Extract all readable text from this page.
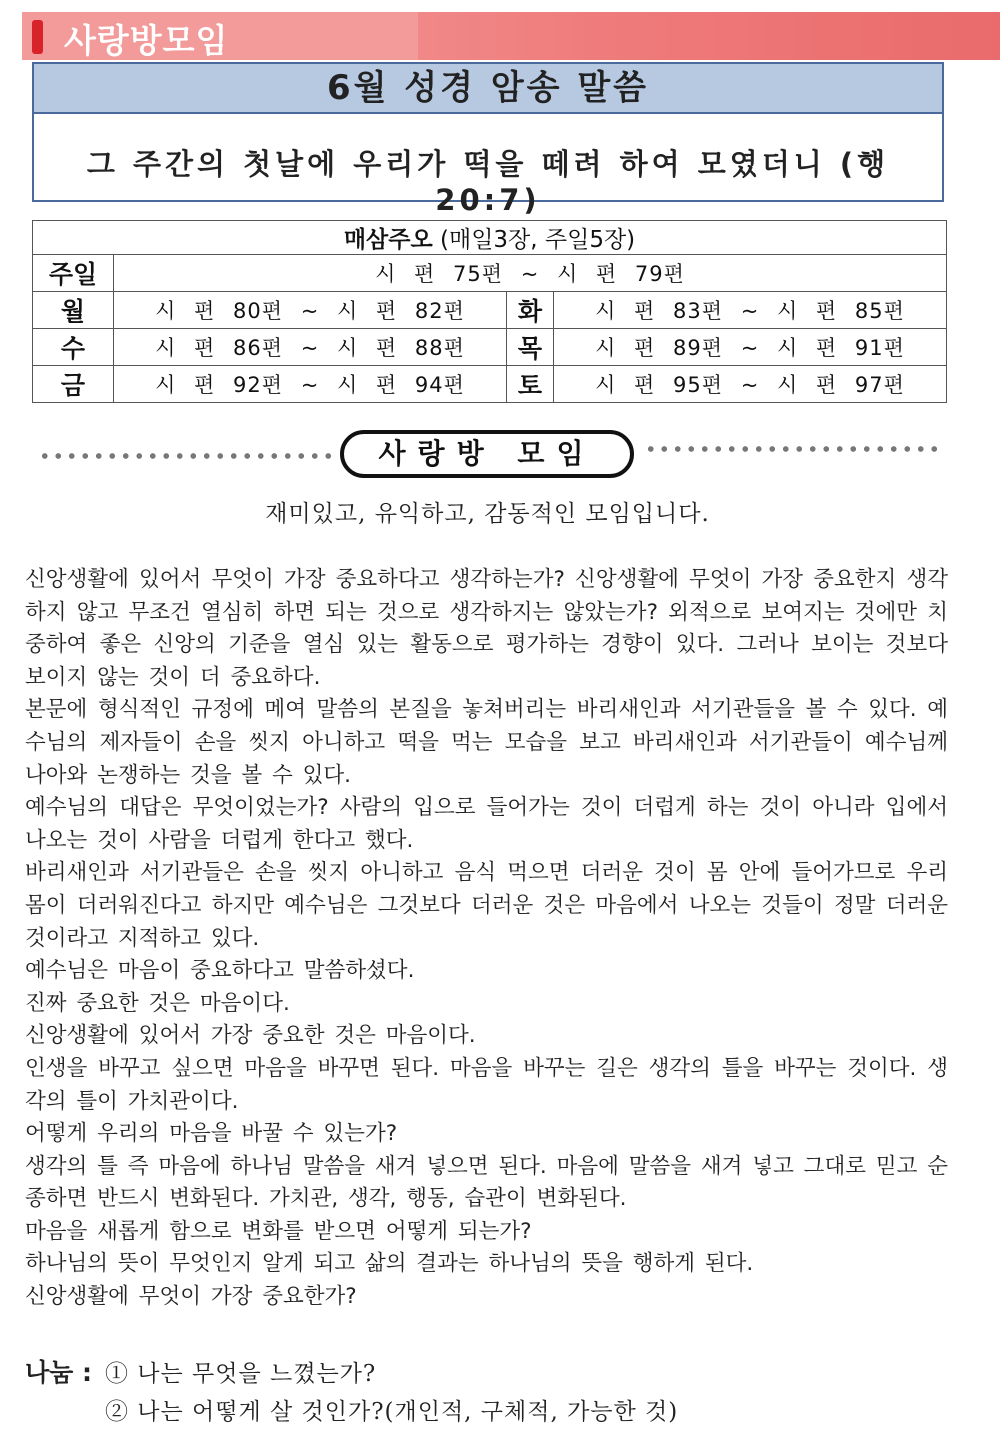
사랑방모임
6월 성경 암송 말씀
그 주간의 첫날에 우리가 떡을 떼려 하여 모였더니 (행 20:7)
매삼주오 (매일3장, 주일5장)			
주일	시 편 75편 ~ 시 편 79편		
월	시 편 80편 ~ 시 편 82편	화	시 편 83편 ~ 시 편 85편
수	시 편 86편 ~ 시 편 88편	목	시 편 89편 ~ 시 편 91편
금	시 편 92편 ~ 시 편 94편	토	시 편 95편 ~ 시 편 97편
사랑방 모임
재미있고, 유익하고, 감동적인 모임입니다.

신앙생활에 있어서 무엇이 가장 중요하다고 생각하는가? 신앙생활에 무엇이 가장 중요한지 생각하지 않고 무조건 열심히 하면 되는 것으로 생각하지는 않았는가? 외적으로 보여지는 것에만 치중하여 좋은 신앙의 기준을 열심 있는 활동으로 평가하는 경향이 있다. 그러나 보이는 것보다 보이지 않는 것이 더 중요하다.

본문에 형식적인 규정에 메여 말씀의 본질을 놓쳐버리는 바리새인과 서기관들을 볼 수 있다. 예수님의 제자들이 손을 씻지 아니하고 떡을 먹는 모습을 보고 바리새인과 서기관들이 예수님께 나아와 논쟁하는 것을 볼 수 있다.

예수님의 대답은 무엇이었는가? 사람의 입으로 들어가는 것이 더럽게 하는 것이 아니라 입에서 나오는 것이 사람을 더럽게 한다고 했다.

바리새인과 서기관들은 손을 씻지 아니하고 음식 먹으면 더러운 것이 몸 안에 들어가므로 우리 몸이 더러워진다고 하지만 예수님은 그것보다 더러운 것은 마음에서 나오는 것들이 정말 더러운 것이라고 지적하고 있다.

예수님은 마음이 중요하다고 말씀하셨다.

진짜 중요한 것은 마음이다.

신앙생활에 있어서 가장 중요한 것은 마음이다.

인생을 바꾸고 싶으면 마음을 바꾸면 된다. 마음을 바꾸는 길은 생각의 틀을 바꾸는 것이다. 생각의 틀이 가치관이다.

어떻게 우리의 마음을 바꿀 수 있는가?

생각의 틀 즉 마음에 하나님 말씀을 새겨 넣으면 된다. 마음에 말씀을 새겨 넣고 그대로 믿고 순종하면 반드시 변화된다. 가치관, 생각, 행동, 습관이 변화된다.

마음을 새롭게 함으로 변화를 받으면 어떻게 되는가?

하나님의 뜻이 무엇인지 알게 되고 삶의 결과는 하나님의 뜻을 행하게 된다.

신앙생활에 무엇이 가장 중요한가?

나눔 : ① 나는 무엇을 느꼈는가?
② 나는 어떻게 살 것인가?(개인적, 구체적, 가능한 것)
